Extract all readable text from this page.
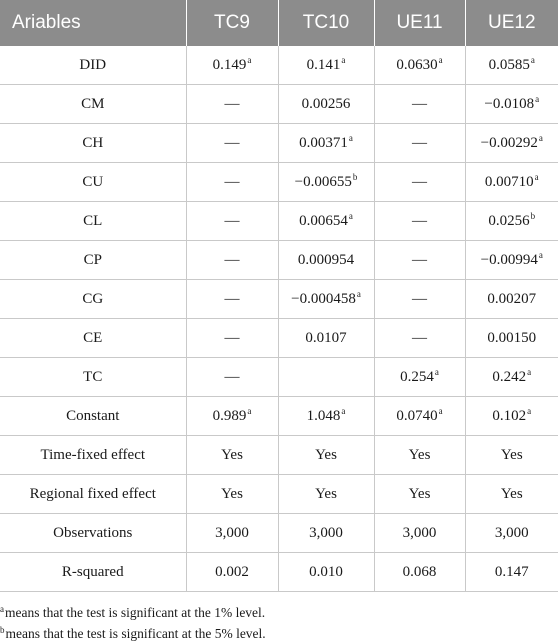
Ariables	TC9	TC10	UE11	UE12
DID	0.149$^a$	0.141$^a$	0.0630$^a$	0.0585$^a$
CM	—	0.00256	—	−0.0108$^a$
CH	—	0.00371$^a$	—	−0.00292$^a$
CU	—	−0.00655$^b$	—	0.00710$^a$
CL	—	0.00654$^a$	—	0.0256$^b$
CP	—	0.000954	—	−0.00994$^a$
CG	—	−0.000458$^a$	—	0.00207
CE	—	0.0107	—	0.00150
TC	—		0.254$^a$	0.242$^a$
Constant	0.989$^a$	1.048$^a$	0.0740$^a$	0.102$^a$
Time-fixed effect	Yes	Yes	Yes	Yes
Regional fixed effect	Yes	Yes	Yes	Yes
Observations	3,000	3,000	3,000	3,000
R-squared	0.002	0.010	0.068	0.147
$^a$means that the test is significant at the 1% level.
$^b$means that the test is significant at the 5% level.
